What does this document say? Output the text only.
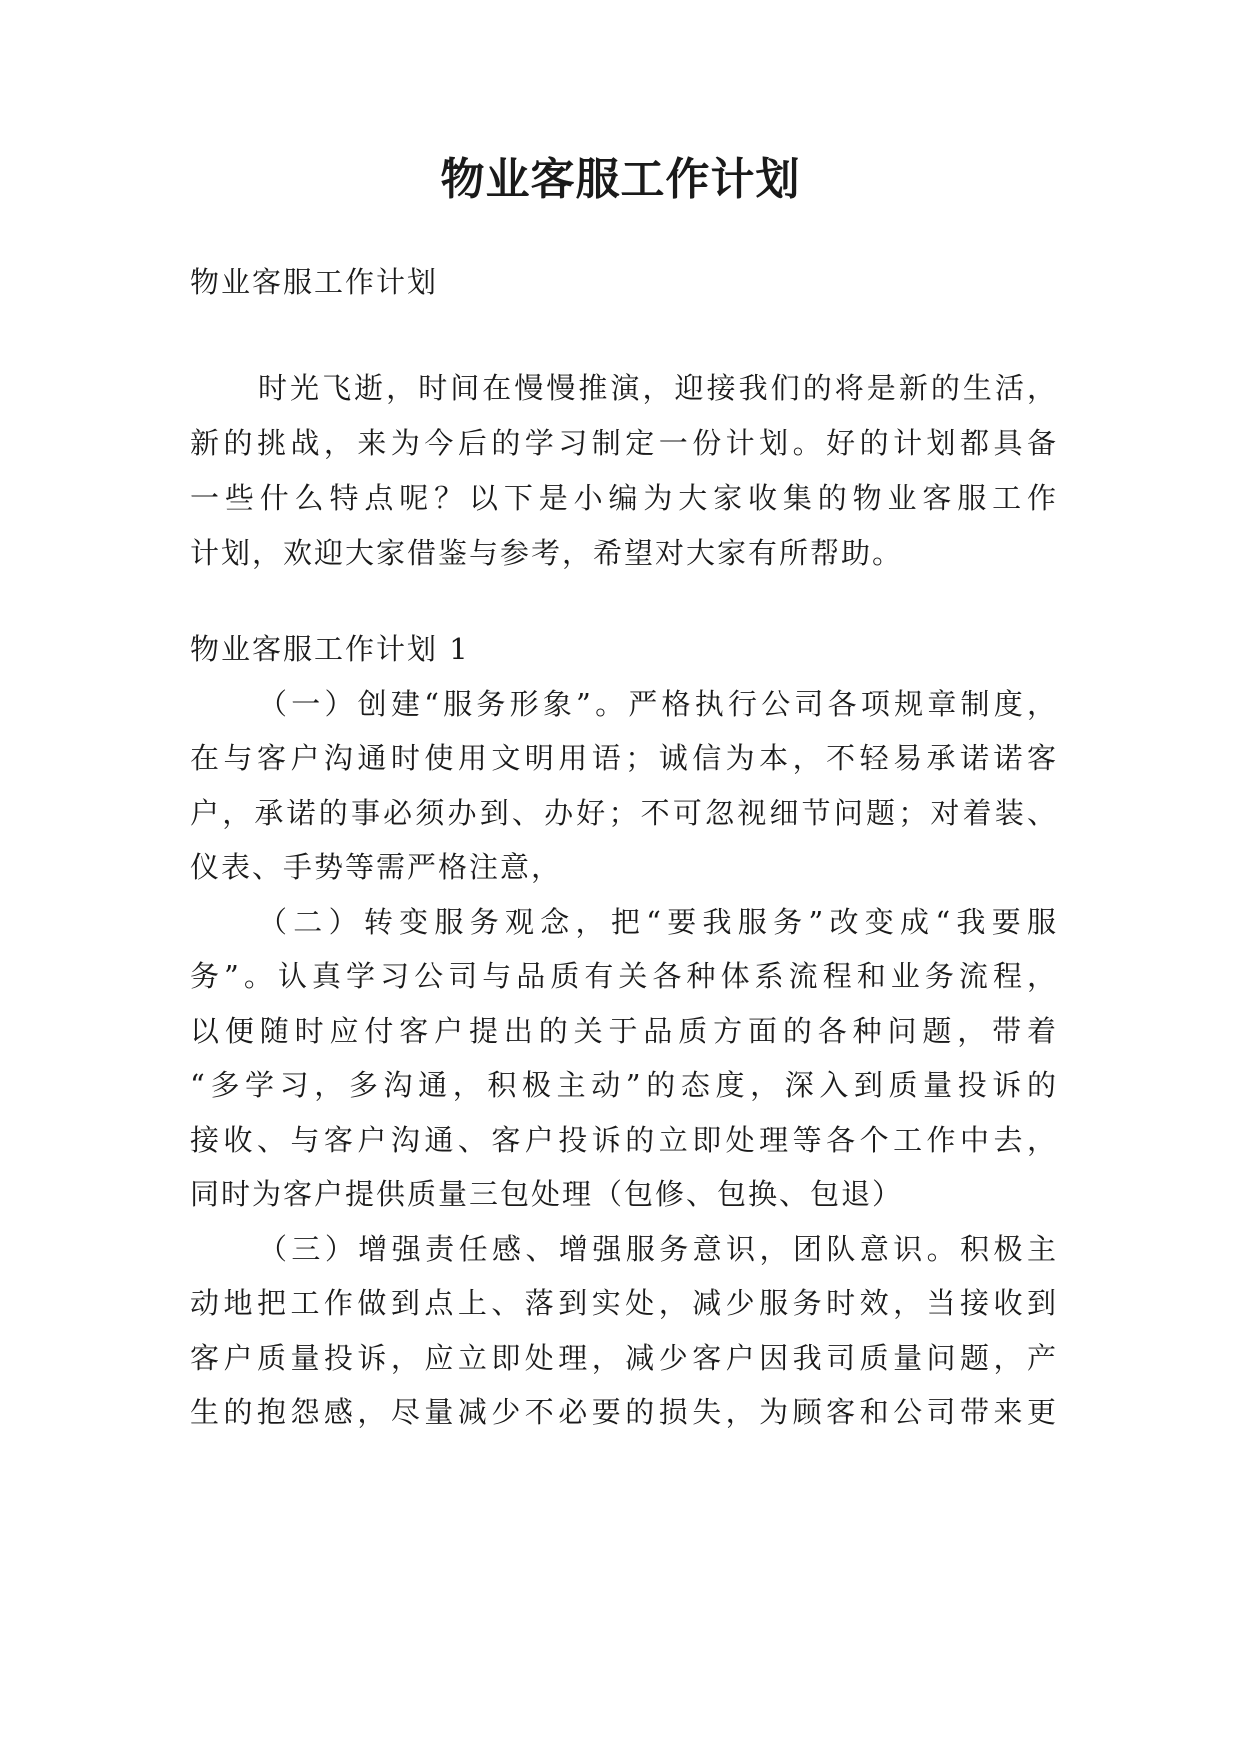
物业客服工作计划

物业客服工作计划

时光飞逝，时间在慢慢推演，迎接我们的将是新的生活，

新的挑战，来为今后的学习制定一份计划。好的计划都具备

一些什么特点呢？以下是小编为大家收集的物业客服工作

计划，欢迎大家借鉴与参考，希望对大家有所帮助。

物业客服工作计划 1

（一）创建“服务形象”。严格执行公司各项规章制度，

在与客户沟通时使用文明用语；诚信为本，不轻易承诺诺客

户，承诺的事必须办到、办好；不可忽视细节问题；对着装、

仪表、手势等需严格注意，

（二）转变服务观念，把“要我服务”改变成“我要服

务”。认真学习公司与品质有关各种体系流程和业务流程，

以便随时应付客户提出的关于品质方面的各种问题，带着

“多学习，多沟通，积极主动”的态度，深入到质量投诉的

接收、与客户沟通、客户投诉的立即处理等各个工作中去，

同时为客户提供质量三包处理（包修、包换、包退）

（三）增强责任感、增强服务意识，团队意识。积极主

动地把工作做到点上、落到实处，减少服务时效，当接收到

客户质量投诉，应立即处理，减少客户因我司质量问题，产

生的抱怨感，尽量减少不必要的损失，为顾客和公司带来更
